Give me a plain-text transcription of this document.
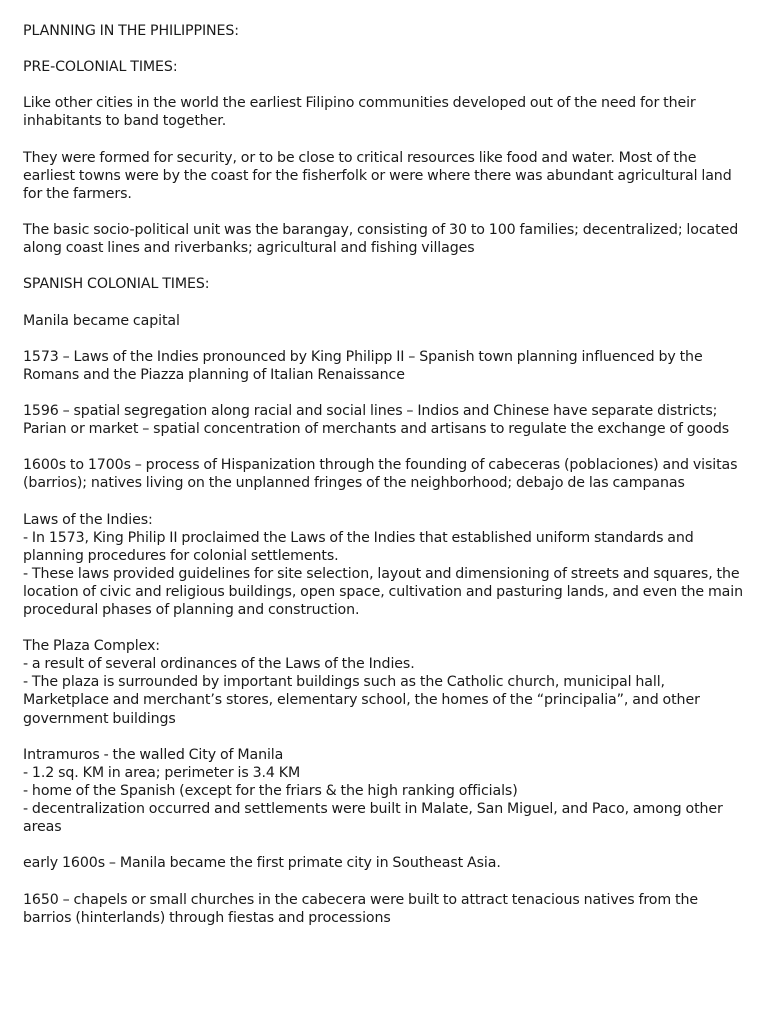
PLANNING IN THE PHILIPPINES:

PRE-COLONIAL TIMES:

Like other cities in the world the earliest Filipino communities developed out of the need for their inhabitants to band together.

They were formed for security, or to be close to critical resources like food and water. Most of the earliest towns were by the coast for the fisherfolk or were where there was abundant agricultural land for the farmers.

The basic socio-political unit was the barangay, consisting of 30 to 100 families; decentralized; located along coast lines and riverbanks; agricultural and fishing villages

SPANISH COLONIAL TIMES:

Manila became capital

1573 – Laws of the Indies pronounced by King Philipp II – Spanish town planning influenced by the Romans and the Piazza planning of Italian Renaissance

1596 – spatial segregation along racial and social lines – Indios and Chinese have separate districts; Parian or market – spatial concentration of merchants and artisans to regulate the exchange of goods

1600s to 1700s – process of Hispanization through the founding of cabeceras (poblaciones) and visitas (barrios); natives living on the unplanned fringes of the neighborhood; debajo de las campanas

Laws of the Indies:
- In 1573, King Philip II proclaimed the Laws of the Indies that established uniform standards and planning procedures for colonial settlements.
- These laws provided guidelines for site selection, layout and dimensioning of streets and squares, the location of civic and religious buildings, open space, cultivation and pasturing lands, and even the main procedural phases of planning and construction.

The Plaza Complex:
- a result of several ordinances of the Laws of the Indies.
- The plaza is surrounded by important buildings such as the Catholic church, municipal hall, Marketplace and merchant’s stores, elementary school, the homes of the “principalia”, and other government buildings

Intramuros - the walled City of Manila
- 1.2 sq. KM in area; perimeter is 3.4 KM
- home of the Spanish (except for the friars & the high ranking officials)
- decentralization occurred and settlements were built in Malate, San Miguel, and Paco, among other areas

early 1600s – Manila became the first primate city in Southeast Asia.

1650 – chapels or small churches in the cabecera were built to attract tenacious natives from the barrios (hinterlands) through fiestas and processions
